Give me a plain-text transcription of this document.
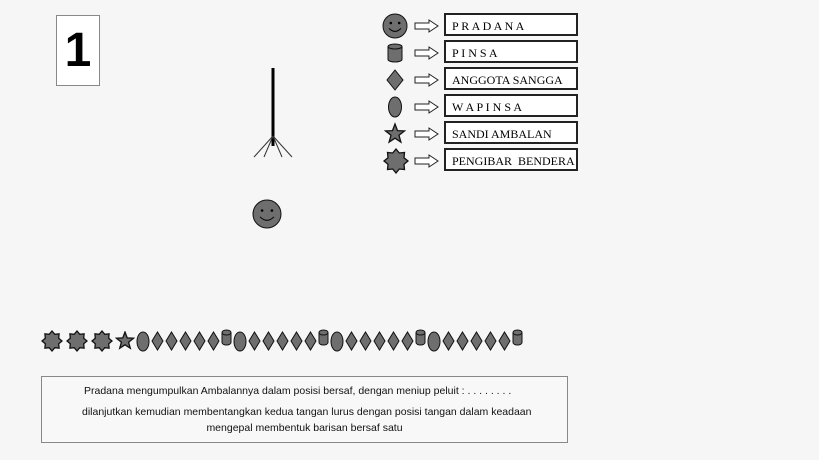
1	P R A D A N A
P I N S A
ANGGOTA SANGGA
W A P I N S A
SANDI AMBALAN
PENGIBAR  BENDERA
Pradana mengumpulkan Ambalannya dalam posisi bersaf, dengan meniup peluit : . . . . . . . .
dilanjutkan kemudian membentangkan kedua tangan lurus dengan posisi tangan dalam keadaan
mengepal membentuk barisan bersaf satu
